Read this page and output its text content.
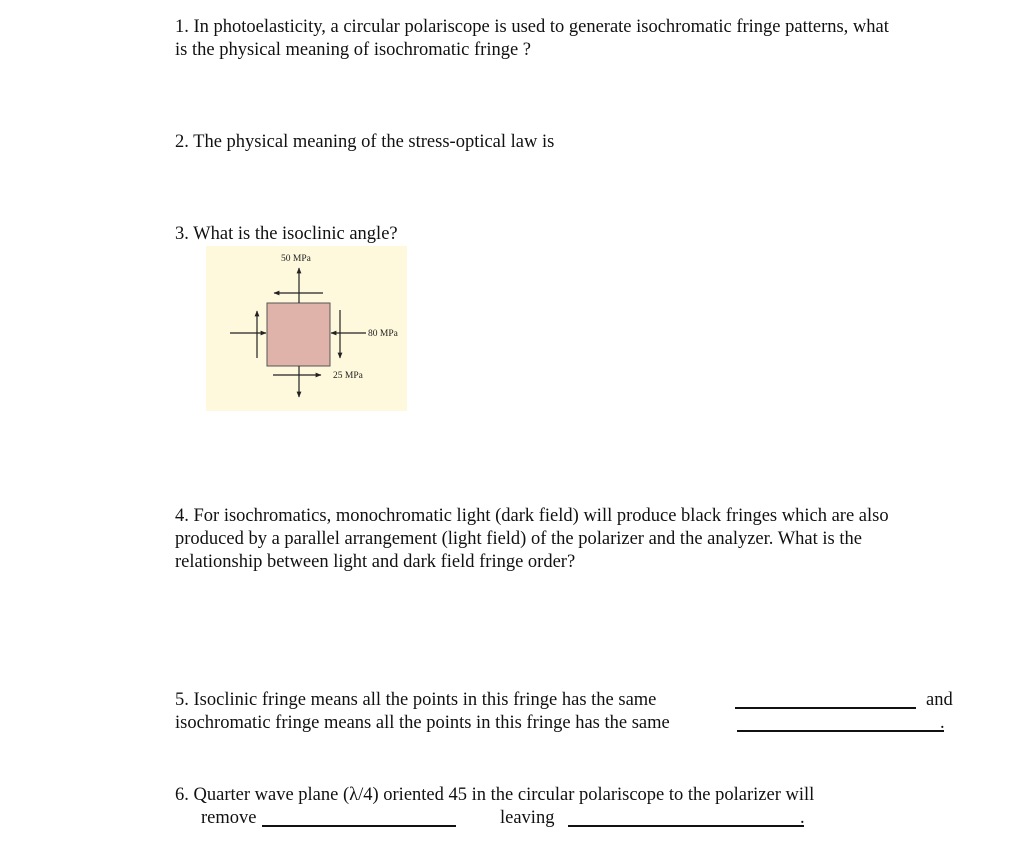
1. In photoelasticity, a circular polariscope is used to generate isochromatic fringe patterns, what
is the physical meaning of isochromatic fringe ?
2. The physical meaning of the stress-optical law is
3. What is the isoclinic angle?
50 MPa
80 MPa
25 MPa
4. For isochromatics, monochromatic light (dark field) will produce black fringes which are also
produced by a parallel arrangement (light field) of the polarizer and the analyzer. What is the
relationship between light and dark field fringe order?
5. Isoclinic fringe means all the points in this fringe has the same	and
isochromatic fringe means all the points in this fringe has the same	.
6. Quarter wave plane (λ/4) oriented 45 in the circular polariscope to the polarizer will
remove	leaving	.
